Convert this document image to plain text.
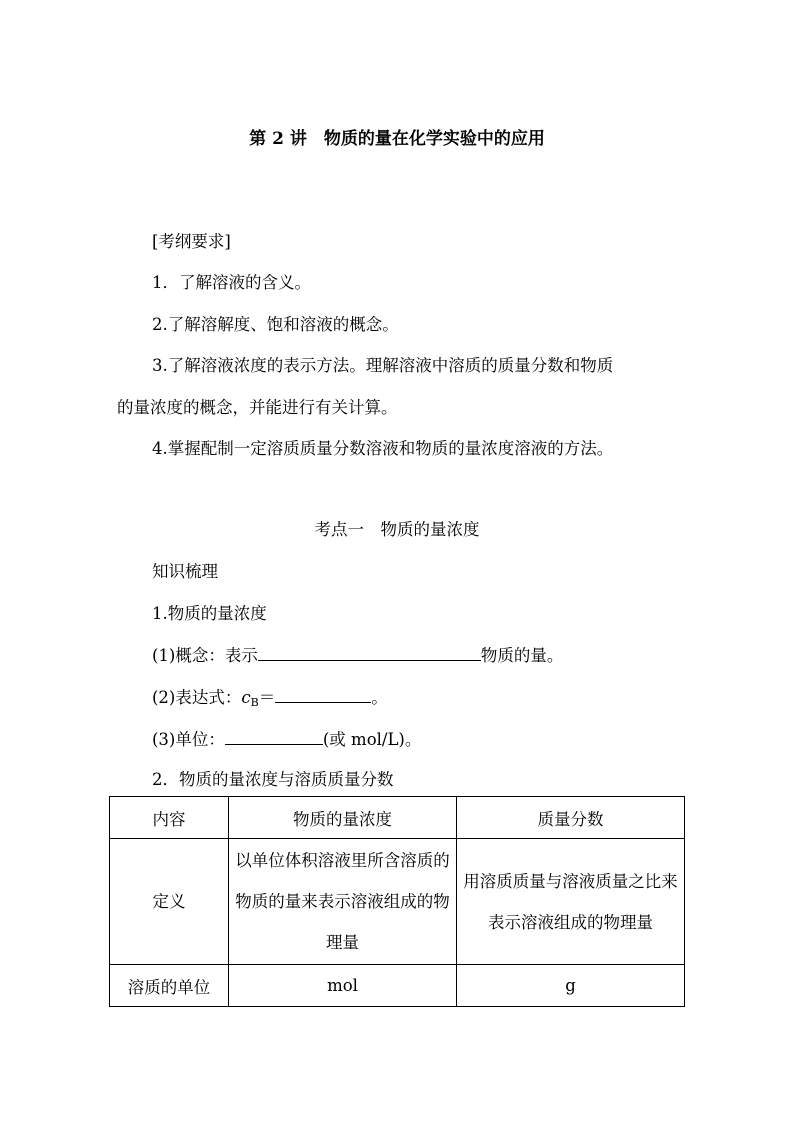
第 2 讲　物质的量在化学实验中的应用
[考纲要求]
1．了解溶液的含义。
2.了解溶解度、饱和溶液的概念。
3.了解溶液浓度的表示方法。理解溶液中溶质的质量分数和物质
的量浓度的概念，并能进行有关计算。
4.掌握配制一定溶质质量分数溶液和物质的量浓度溶液的方法。
考点一　物质的量浓度
知识梳理
1.物质的量浓度
(1)概念：表示	物质的量。
(2)表达式：$c_B=$	。
(3)单位：	(或 mol/L)。
2．物质的量浓度与溶质质量分数
内容	物质的量浓度	质量分数
定义	以单位体积溶液里所含溶质的物质的量来表示溶液组成的物理量	用溶质质量与溶液质量之比来表示溶液组成的物理量
溶质的单位	mol	g
